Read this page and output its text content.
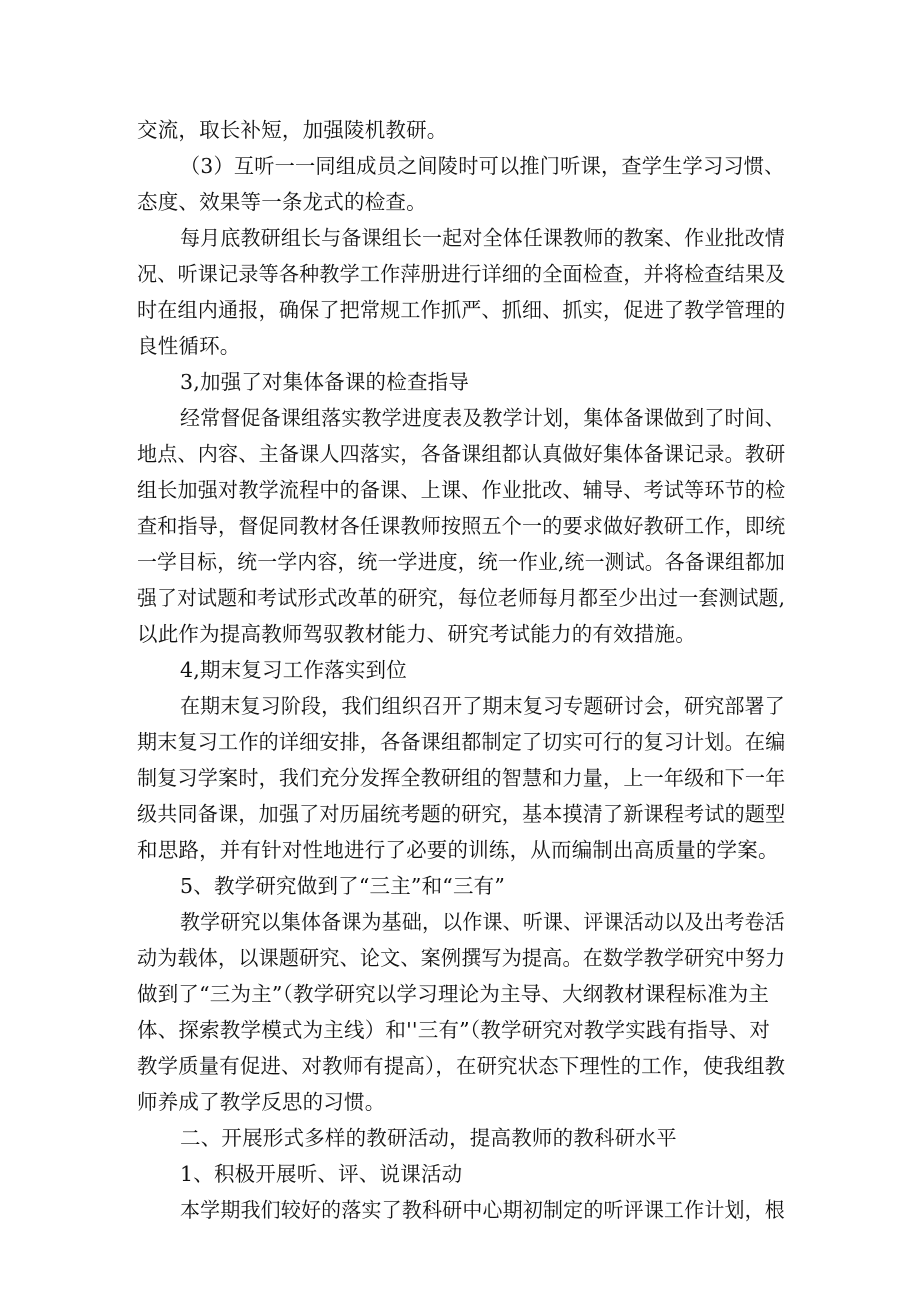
交流，取长补短，加强陵机教研。
（3）互听一一同组成员之间陵时可以推门听课，查学生学习习惯、
态度、效果等一条龙式的检查。
每月底教研组长与备课组长一起对全体任课教师的教案、作业批改情
况、听课记录等各种教学工作萍册进行详细的全面检查，并将检查结果及
时在组内通报，确保了把常规工作抓严、抓细、抓实，促进了教学管理的
良性循环。
3,加强了对集体备课的检查指导
经常督促备课组落实教学进度表及教学计划，集体备课做到了时间、
地点、内容、主备课人四落实，各备课组都认真做好集体备课记录。教研
组长加强对教学流程中的备课、上课、作业批改、辅导、考试等环节的检
查和指导，督促同教材各任课教师按照五个一的要求做好教研工作，即统
一学目标，统一学内容，统一学进度，统一作业,统一测试。各备课组都加
强了对试题和考试形式改革的研究，每位老师每月都至少出过一套测试题,
以此作为提高教师驾驭教材能力、研究考试能力的有效措施。
4,期末复习工作落实到位
在期末复习阶段，我们组织召开了期末复习专题研讨会，研究部署了
期末复习工作的详细安排，各备课组都制定了切实可行的复习计划。在编
制复习学案时，我们充分发挥全教研组的智慧和力量，上一年级和下一年
级共同备课，加强了对历届统考题的研究，基本摸清了新课程考试的题型
和思路，并有针对性地进行了必要的训练，从而编制出高质量的学案。
5、教学研究做到了“三主”和“三有”
教学研究以集体备课为基础，以作课、听课、评课活动以及出考卷活
动为载体，以课题研究、论文、案例撰写为提高。在数学教学研究中努力
做到了“三为主”（教学研究以学习理论为主导、大纲教材课程标准为主
体、探索教学模式为主线）和''三有”（教学研究对教学实践有指导、对
教学质量有促进、对教师有提高），在研究状态下理性的工作，使我组教
师养成了教学反思的习惯。
二、开展形式多样的教研活动，提高教师的教科研水平
1、积极开展听、评、说课活动
本学期我们较好的落实了教科研中心期初制定的听评课工作计划，根
